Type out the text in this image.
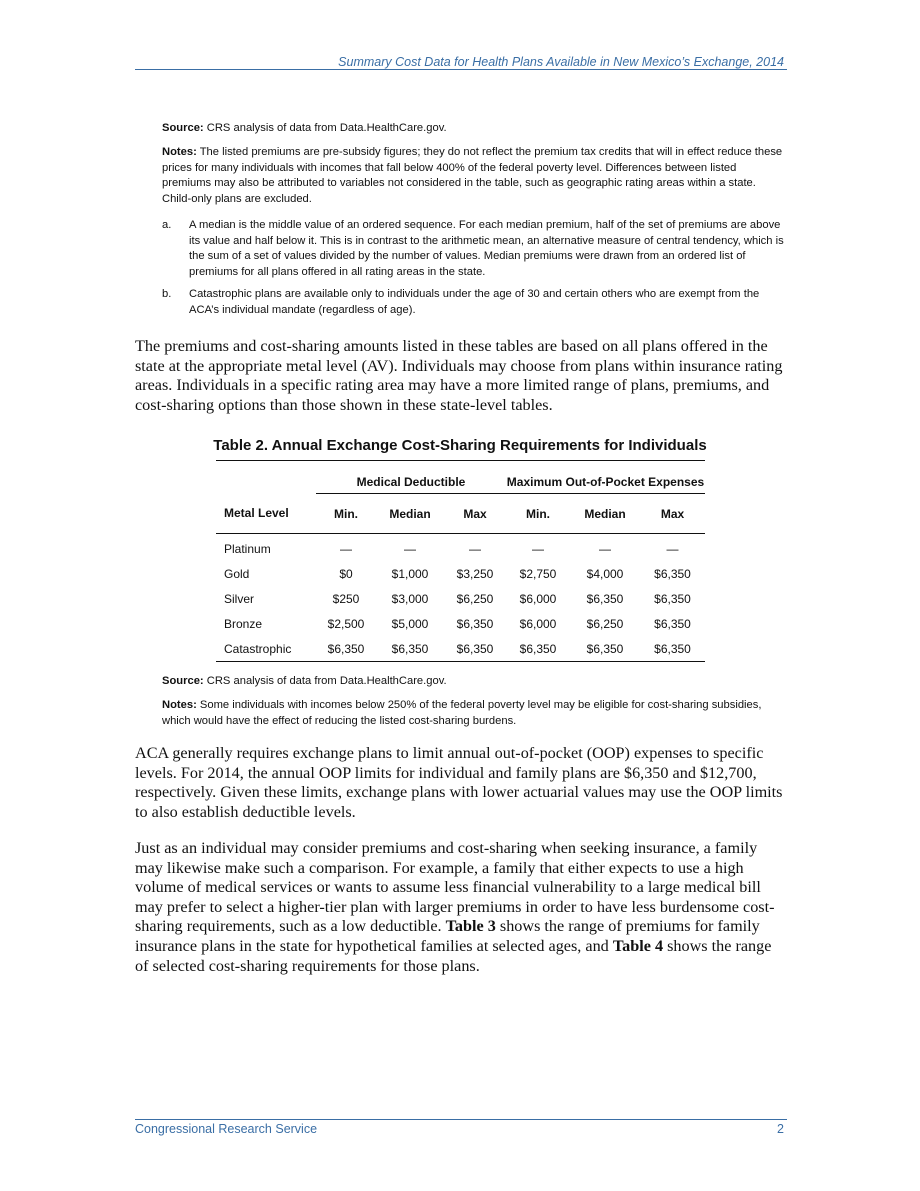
Summary Cost Data for Health Plans Available in New Mexico’s Exchange, 2014
Source: CRS analysis of data from Data.HealthCare.gov.
Notes: The listed premiums are pre-subsidy figures; they do not reflect the premium tax credits that will in effect reduce these prices for many individuals with incomes that fall below 400% of the federal poverty level. Differences between listed premiums may also be attributed to variables not considered in the table, such as geographic rating areas within a state. Child-only plans are excluded.
a. A median is the middle value of an ordered sequence. For each median premium, half of the set of premiums are above its value and half below it. This is in contrast to the arithmetic mean, an alternative measure of central tendency, which is the sum of a set of values divided by the number of values. Median premiums were drawn from an ordered list of premiums for all plans offered in all rating areas in the state.
b. Catastrophic plans are available only to individuals under the age of 30 and certain others who are exempt from the ACA’s individual mandate (regardless of age).

The premiums and cost-sharing amounts listed in these tables are based on all plans offered in the state at the appropriate metal level (AV). Individuals may choose from plans within insurance rating areas. Individuals in a specific rating area may have a more limited range of plans, premiums, and cost-sharing options than those shown in these state-level tables.

Table 2. Annual Exchange Cost-Sharing Requirements for Individuals
	Medical Deductible			Maximum Out-of-Pocket Expenses		
Metal Level	Min.	Median	Max	Min.	Median	Max
Platinum	—	—	—	—	—	—
Gold	$0	$1,000	$3,250	$2,750	$4,000	$6,350
Silver	$250	$3,000	$6,250	$6,000	$6,350	$6,350
Bronze	$2,500	$5,000	$6,350	$6,000	$6,250	$6,350
Catastrophic	$6,350	$6,350	$6,350	$6,350	$6,350	$6,350
Source: CRS analysis of data from Data.HealthCare.gov.
Notes: Some individuals with incomes below 250% of the federal poverty level may be eligible for cost-sharing subsidies, which would have the effect of reducing the listed cost-sharing burdens.

ACA generally requires exchange plans to limit annual out-of-pocket (OOP) expenses to specific levels. For 2014, the annual OOP limits for individual and family plans are $6,350 and $12,700, respectively. Given these limits, exchange plans with lower actuarial values may use the OOP limits to also establish deductible levels.

Just as an individual may consider premiums and cost-sharing when seeking insurance, a family may likewise make such a comparison. For example, a family that either expects to use a high volume of medical services or wants to assume less financial vulnerability to a large medical bill may prefer to select a higher-tier plan with larger premiums in order to have less burdensome cost-sharing requirements, such as a low deductible. Table 3 shows the range of premiums for family insurance plans in the state for hypothetical families at selected ages, and Table 4 shows the range of selected cost-sharing requirements for those plans.

Congressional Research Service	2
